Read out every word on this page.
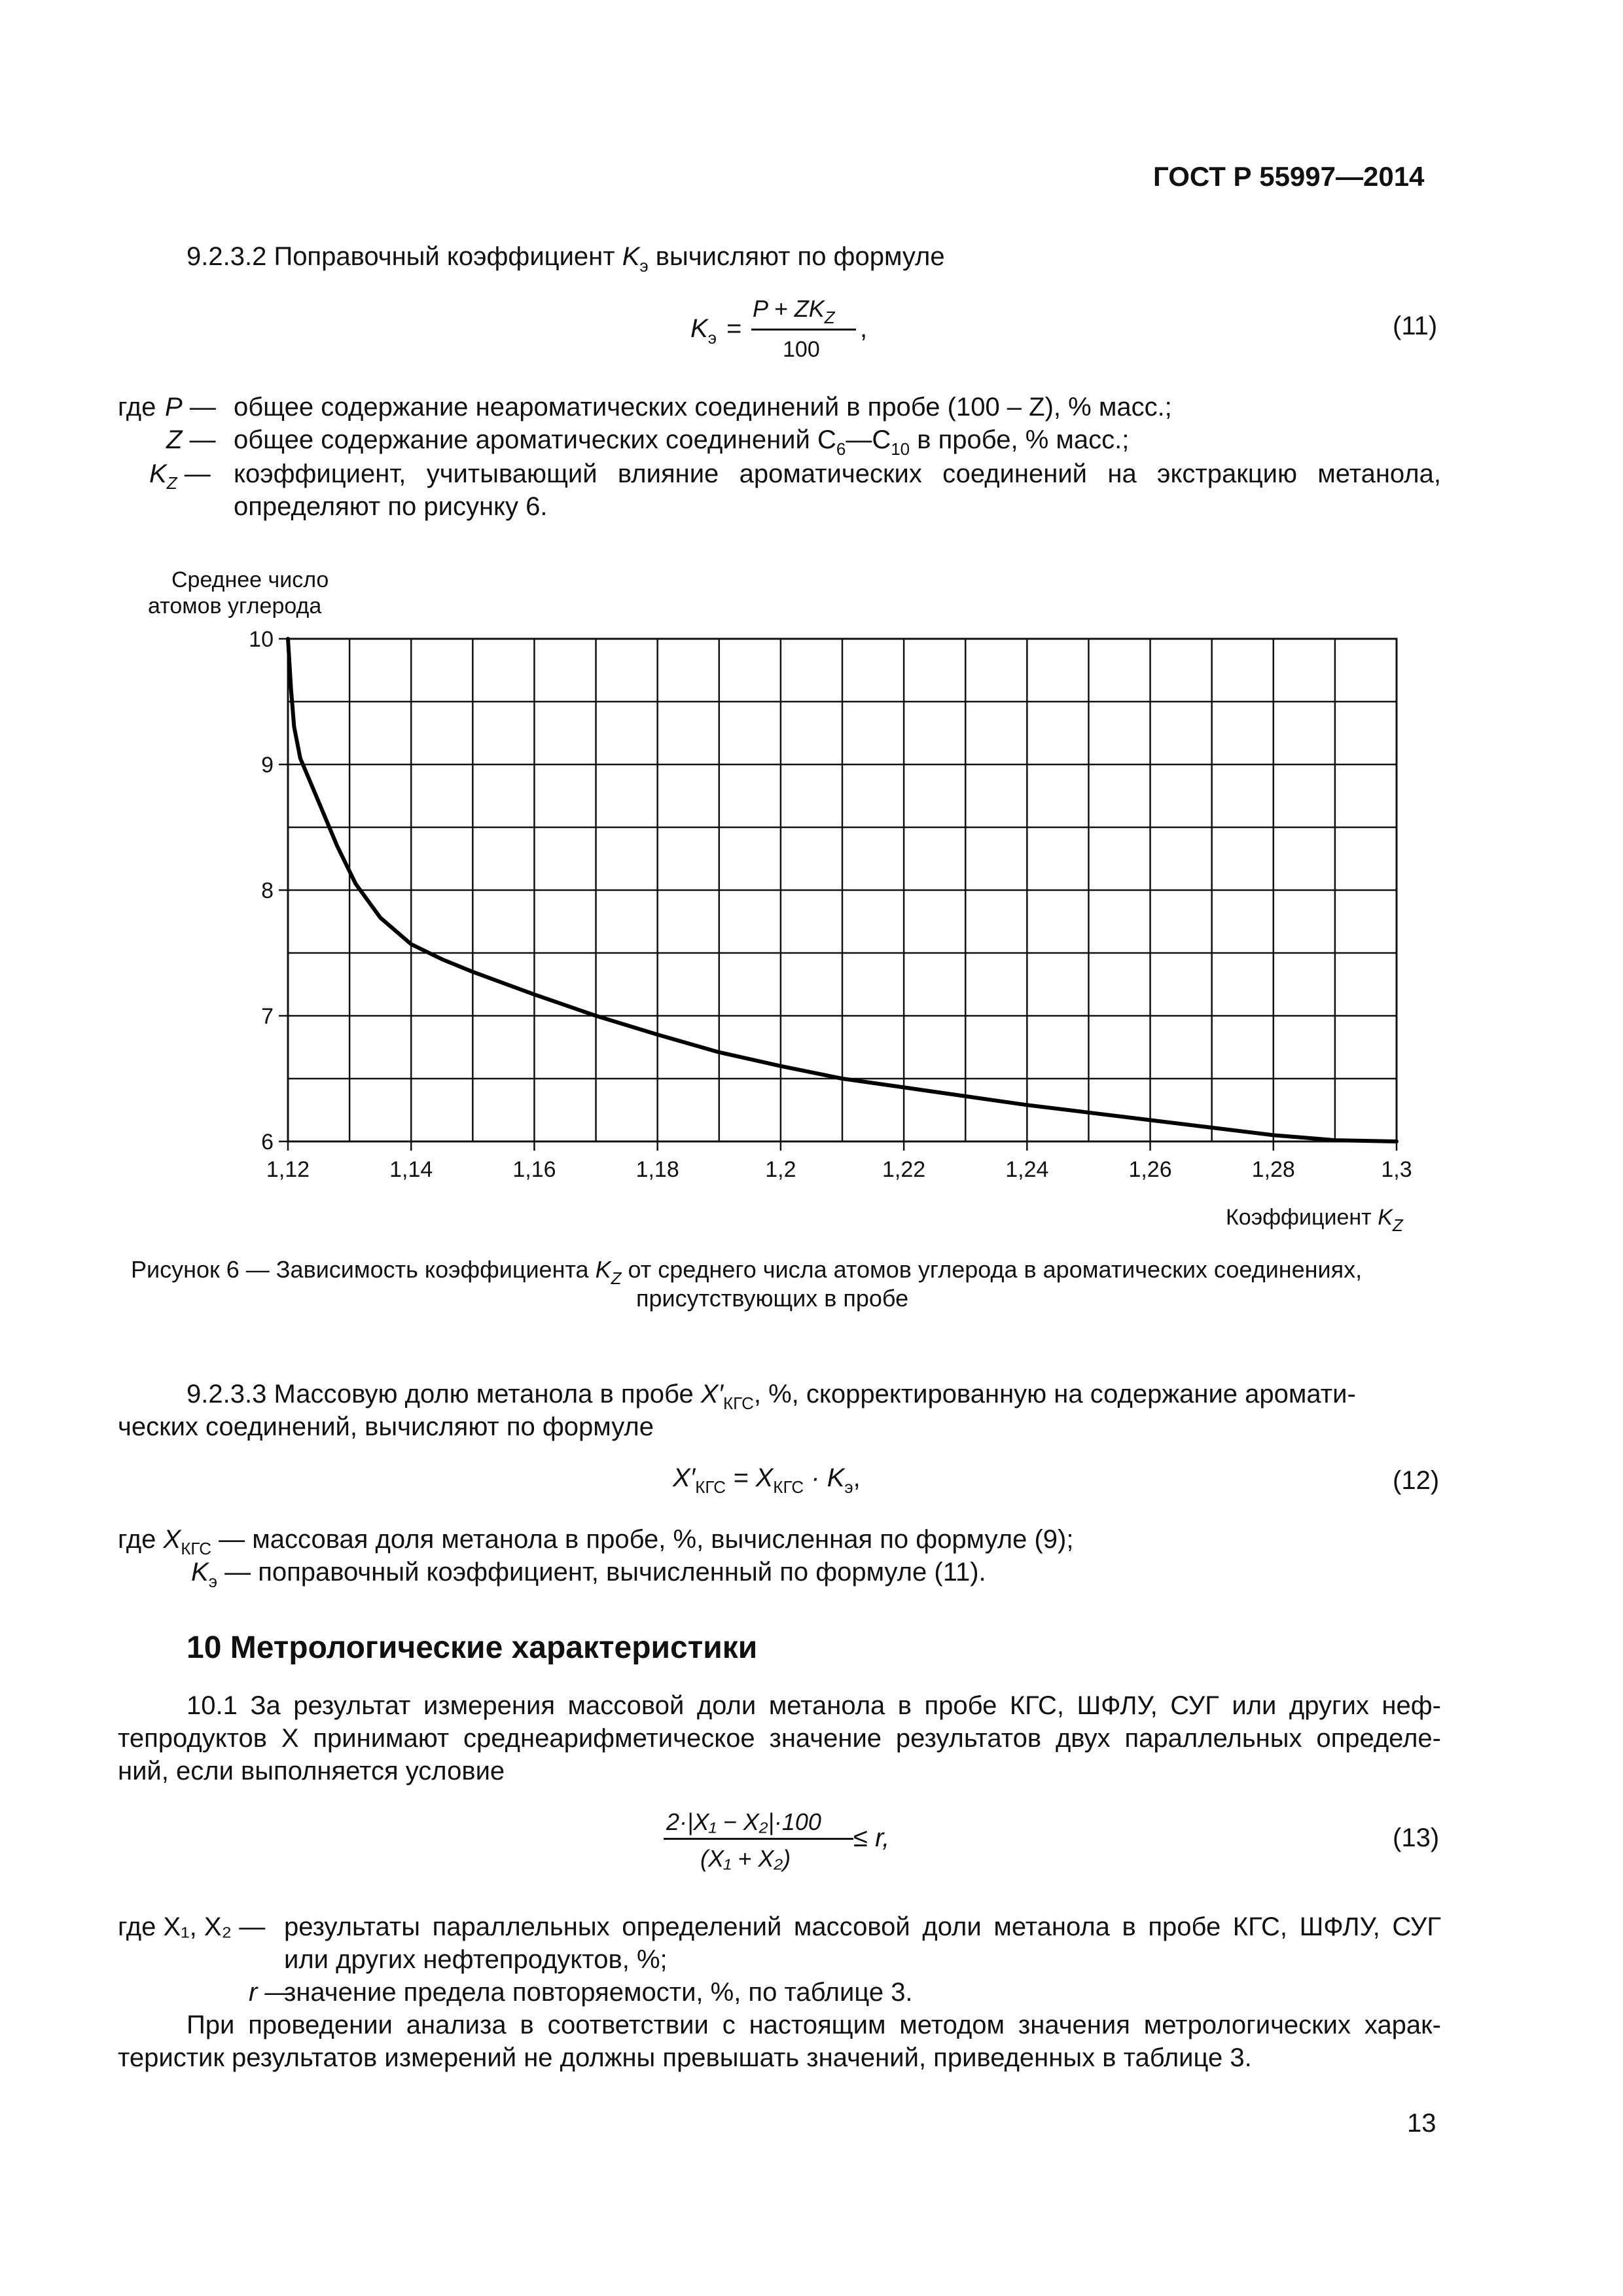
ГОСТ Р 55997—2014
9.2.3.2 Поправочный коэффициент $K_э$ вычисляют по формуле
$K_э$ =
$P + ZK_Z$
100
,	(11)
где P — общее содержание неароматических соединений в пробе (100 – Z), % масс.;
Z — общее содержание ароматических соединений $C_6—C_{10}$ в пробе, % масс.;
$K_Z$ — коэффициент, учитывающий влияние ароматических соединений на экстракцию метанола,
определяют по рисунку 6.
Среднее число
атомов углерода
1,12	1,14	1,16	1,18	1,2	1,22	1,24	1,26	1,28	1,3
6
7
8
9
10
Коэффициент $K_Z$
Рисунок 6 — Зависимость коэффициента $K_Z$ от среднего числа атомов углерода в ароматических соединениях,
присутствующих в пробе
9.2.3.3 Массовую долю метанола в пробе $X'_{КГС}$, %, скорректированную на содержание аромати-
ческих соединений, вычисляют по формуле
$X'_{КГС} = X_{КГС} \cdot K_э$,	(12)
где $X_{КГС}$ — массовая доля метанола в пробе, %, вычисленная по формуле (9);
$K_э$ — поправочный коэффициент, вычисленный по формуле (11).
10 Метрологические характеристики
10.1 За результат измерения массовой доли метанола в пробе КГС, ШФЛУ, СУГ или других неф-
тепродуктов X принимают среднеарифметическое значение результатов двух параллельных определе-
ний, если выполняется условие
2·|X₁ − X₂|·100
(X₁ + X₂)
≤ r,	(13)
где X₁, X₂ — результаты параллельных определений массовой доли метанола в пробе КГС, ШФЛУ, СУГ
или других нефтепродуктов, %;
r —
значение предела повторяемости, %, по таблице 3.
При проведении анализа в соответствии с настоящим методом значения метрологических харак-
теристик результатов измерений не должны превышать значений, приведенных в таблице 3.
13
